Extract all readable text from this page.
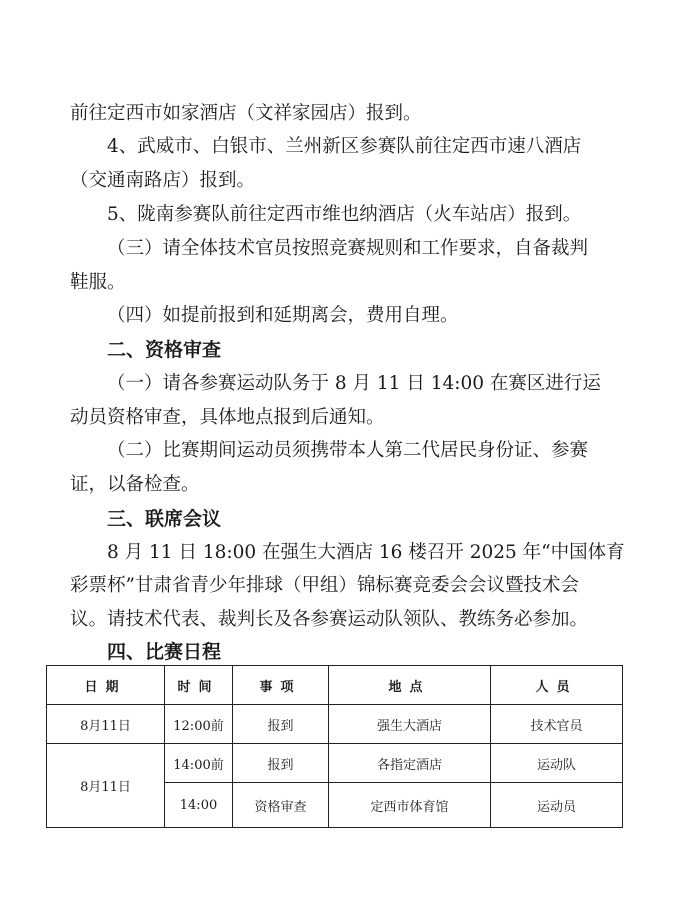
前往定西市如家酒店（文祥家园店）报到。
4、武威市、白银市、兰州新区参赛队前往定西市速八酒店
（交通南路店）报到。
5、陇南参赛队前往定西市维也纳酒店（火车站店）报到。
（三）请全体技术官员按照竞赛规则和工作要求，自备裁判
鞋服。
（四）如提前报到和延期离会，费用自理。
二、资格审查
（一）请各参赛运动队务于 8 月 11 日 14:00 在赛区进行运
动员资格审查，具体地点报到后通知。
（二）比赛期间运动员须携带本人第二代居民身份证、参赛
证，以备检查。
三、联席会议
8 月 11 日 18:00 在强生大酒店 16 楼召开 2025 年“中国体育
彩票杯”甘肃省青少年排球（甲组）锦标赛竞委会会议暨技术会
议。请技术代表、裁判长及各参赛运动队领队、教练务必参加。
四、比赛日程
日期	时间	事项	地点	人员
8月11日	12:00前	报到	强生大酒店	技术官员
8月11日	14:00前	报到	各指定酒店	运动队
	14:00	资格审查	定西市体育馆	运动员
